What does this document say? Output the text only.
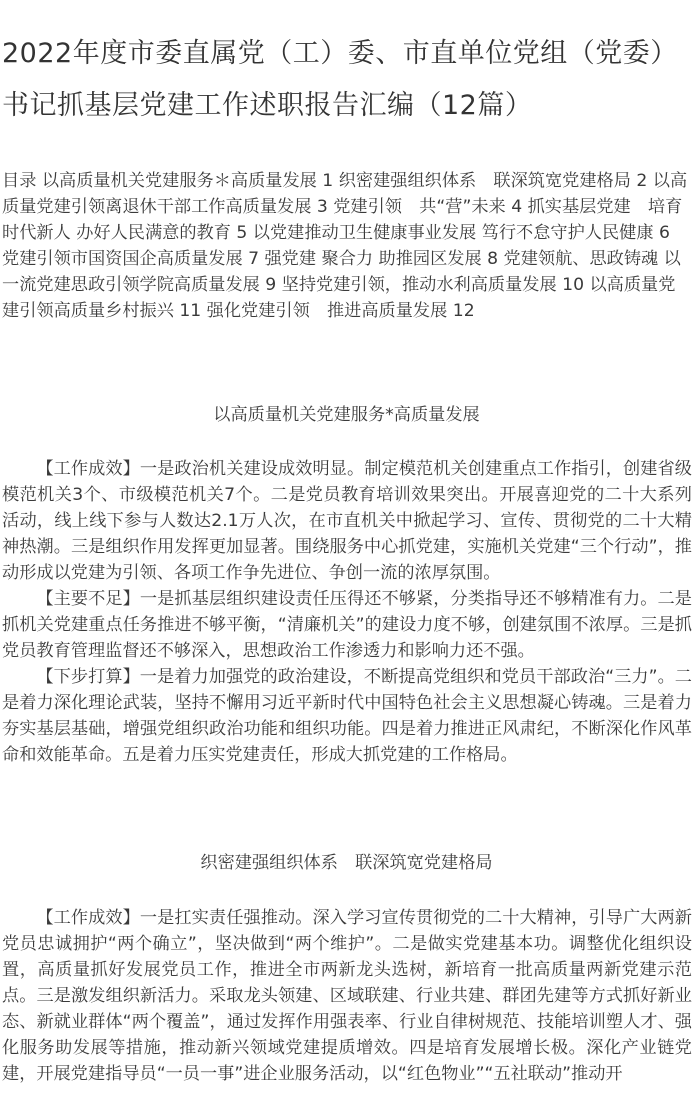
2022年度市委直属党（工）委、市直单位党组（党委）书记抓基层党建工作述职报告汇编（12篇）

目录 以高质量机关党建服务＊高质量发展 1 织密建强组织体系　联深筑宽党建格局 2 以高质量党建引领离退休干部工作高质量发展 3 党建引领　共“营”未来 4 抓实基层党建　培育时代新人 办好人民满意的教育 5 以党建推动卫生健康事业发展 笃行不怠守护人民健康 6 党建引领市国资国企高质量发展 7 强党建 聚合力 助推园区发展 8 党建领航、思政铸魂 以一流党建思政引领学院高质量发展 9 坚持党建引领，推动水利高质量发展 10 以高质量党建引领高质量乡村振兴 11 强化党建引领　推进高质量发展 12

以高质量机关党建服务*高质量发展

【工作成效】一是政治机关建设成效明显。制定模范机关创建重点工作指引，创建省级模范机关3个、市级模范机关7个。二是党员教育培训效果突出。开展喜迎党的二十大系列活动，线上线下参与人数达2.1万人次，在市直机关中掀起学习、宣传、贯彻党的二十大精神热潮。三是组织作用发挥更加显著。围绕服务中心抓党建，实施机关党建“三个行动”，推动形成以党建为引领、各项工作争先进位、争创一流的浓厚氛围。

【主要不足】一是抓基层组织建设责任压得还不够紧，分类指导还不够精准有力。二是抓机关党建重点任务推进不够平衡，“清廉机关”的建设力度不够，创建氛围不浓厚。三是抓党员教育管理监督还不够深入，思想政治工作渗透力和影响力还不强。

【下步打算】一是着力加强党的政治建设，不断提高党组织和党员干部政治“三力”。二是着力深化理论武装，坚持不懈用习近平新时代中国特色社会主义思想凝心铸魂。三是着力夯实基层基础，增强党组织政治功能和组织功能。四是着力推进正风肃纪，不断深化作风革命和效能革命。五是着力压实党建责任，形成大抓党建的工作格局。

织密建强组织体系　联深筑宽党建格局

【工作成效】一是扛实责任强推动。深入学习宣传贯彻党的二十大精神，引导广大两新党员忠诚拥护“两个确立”，坚决做到“两个维护”。二是做实党建基本功。调整优化组织设置，高质量抓好发展党员工作，推进全市两新龙头选树，新培育一批高质量两新党建示范点。三是激发组织新活力。采取龙头领建、区域联建、行业共建、群团先建等方式抓好新业态、新就业群体“两个覆盖”，通过发挥作用强表率、行业自律树规范、技能培训塑人才、强化服务助发展等措施，推动新兴领域党建提质增效。四是培育发展增长极。深化产业链党建，开展党建指导员“一员一事”进企业服务活动，以“红色物业”“五社联动”推动开
